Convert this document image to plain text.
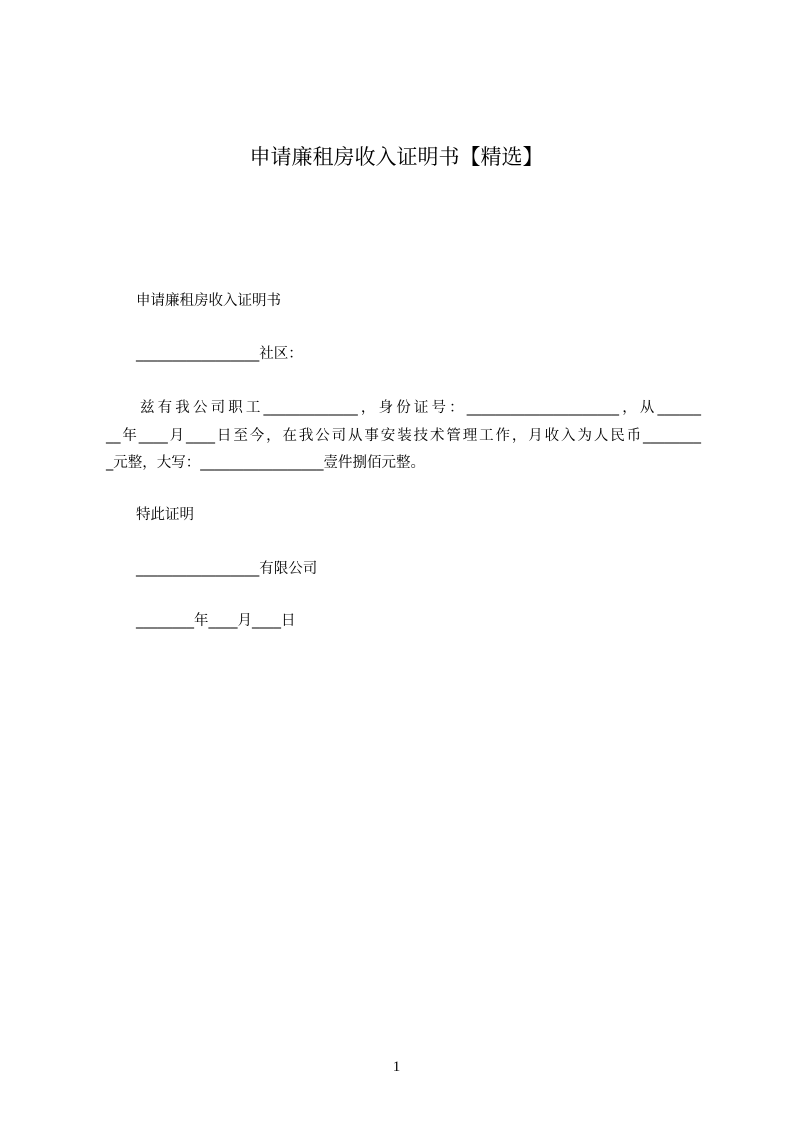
申请廉租房收入证明书【精选】
申请廉租房收入证明书
_________________社区：
兹有我公司职工_____________，身份证号：_____________________，从______
__年____月____日至今，在我公司从事安装技术管理工作，月收入为人民币________
_元整，大写：_________________壹件捌佰元整。
特此证明
_________________有限公司
________年____月____日
1
